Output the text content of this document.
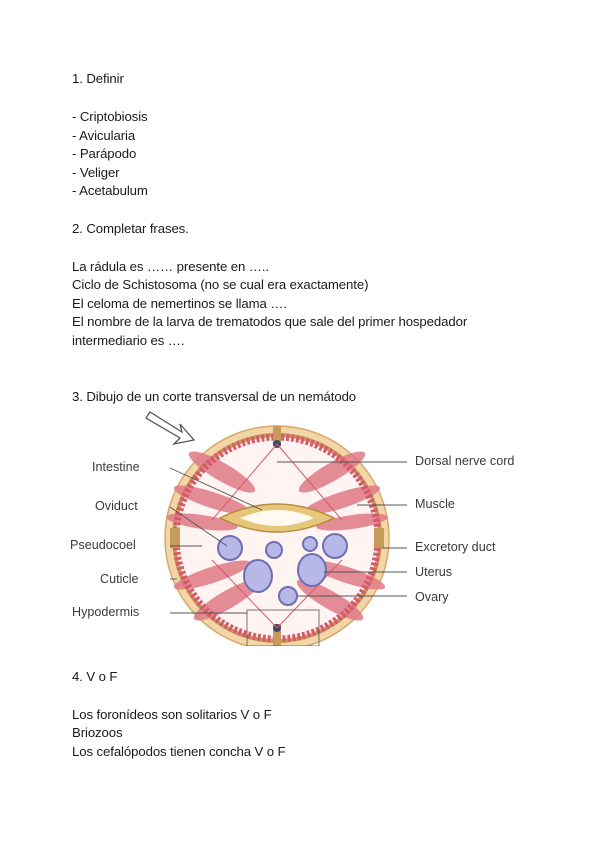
1. Definir
- Criptobiosis
- Avicularia
- Parápodo
- Veliger
- Acetabulum
2. Completar frases.
La rádula es …… presente en …..
Ciclo de Schistosoma (no se cual era exactamente)
El celoma de nemertinos se llama ….
El nombre de la larva de trematodos que sale del primer hospedador
intermediario es ….
3. Dibujo de un corte transversal de un nemátodo
Intestine
Oviduct
Pseudocoel
Cuticle
Hypodermis
Dorsal nerve cord
Muscle
Excretory duct
Uterus
Ovary
4. V o F
Los foronídeos son solitarios V o F
Briozoos
Los cefalópodos tienen concha V o F
